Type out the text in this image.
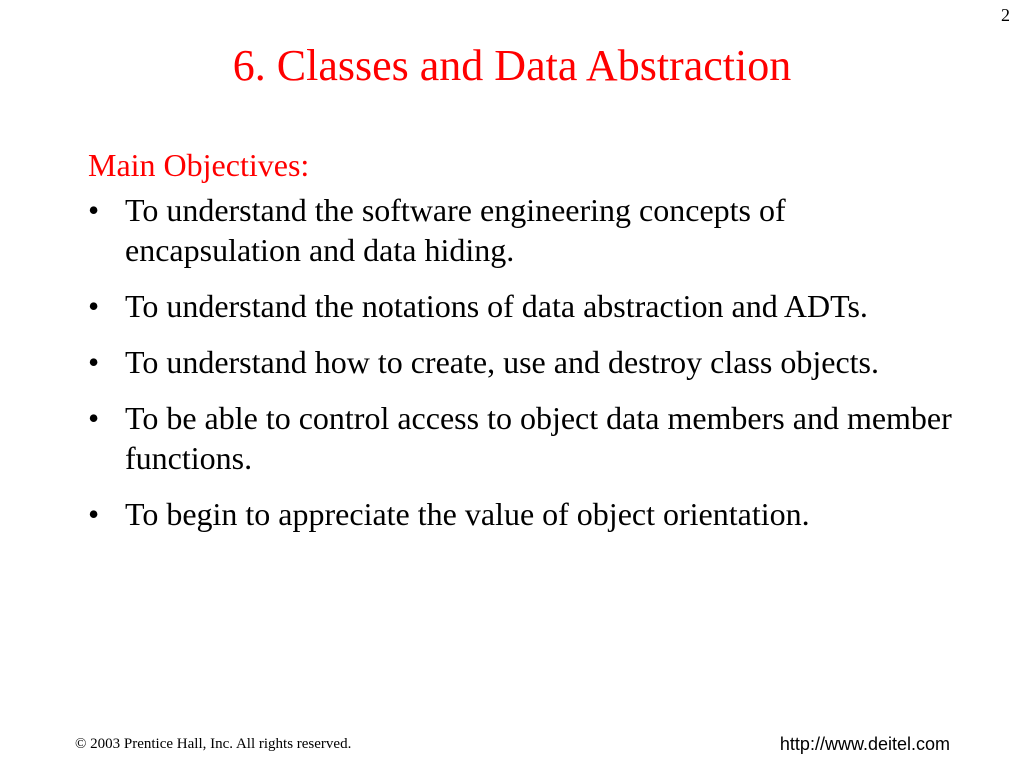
2
6. Classes and Data Abstraction
Main Objectives:
• To understand the software engineering concepts of encapsulation and data hiding.
• To understand the notations of data abstraction and ADTs.
• To understand how to create, use and destroy class objects.
• To be able to control access to object data members and member functions.
• To begin to appreciate the value of object orientation.
© 2003 Prentice Hall, Inc. All rights reserved.	http://www.deitel.com
